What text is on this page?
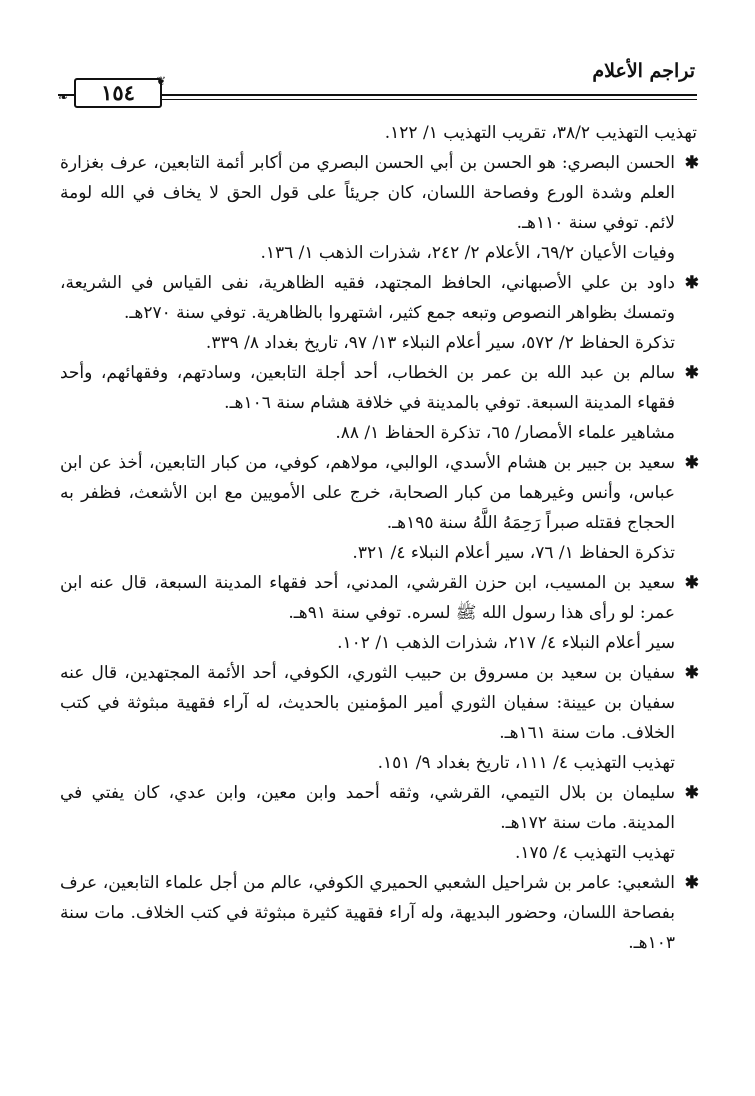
تراجم الأعلام
١٥٤
❧
❦
تهذيب التهذيب ٣٨/٢، تقريب التهذيب ١/ ١٢٢.
✱
الحسن البصري: هو الحسن بن أبي الحسن البصري من أكابر أئمة التابعين، عرف بغزارة العلم وشدة الورع وفصاحة اللسان، كان جريئاً على قول الحق لا يخاف في الله لومة لائم. توفي سنة ١١٠هـ.
وفيات الأعيان ٦٩/٢، الأعلام ٢/ ٢٤٢، شذرات الذهب ١/ ١٣٦.
✱
داود بن علي الأصبهاني، الحافظ المجتهد، فقيه الظاهرية، نفى القياس في الشريعة، وتمسك بظواهر النصوص وتبعه جمع كثير، اشتهروا بالظاهرية. توفي سنة ٢٧٠هـ.
تذكرة الحفاظ ٢/ ٥٧٢، سير أعلام النبلاء ١٣/ ٩٧، تاريخ بغداد ٨/ ٣٣٩.
✱
سالم بن عبد الله بن عمر بن الخطاب، أحد أجلة التابعين، وسادتهم، وفقهائهم، وأحد فقهاء المدينة السبعة. توفي بالمدينة في خلافة هشام سنة ١٠٦هـ.
مشاهير علماء الأمصار/ ٦٥، تذكرة الحفاظ ١/ ٨٨.
✱
سعيد بن جبير بن هشام الأسدي، الوالبي، مولاهم، كوفي، من كبار التابعين، أخذ عن ابن عباس، وأنس وغيرهما من كبار الصحابة، خرج على الأمويين مع ابن الأشعث، فظفر به الحجاج فقتله صبراً رَحِمَهُ اللَّهُ سنة ١٩٥هـ.
تذكرة الحفاظ ١/ ٧٦، سير أعلام النبلاء ٤/ ٣٢١.
✱
سعيد بن المسيب، ابن حزن القرشي، المدني، أحد فقهاء المدينة السبعة، قال عنه ابن عمر: لو رأى هذا رسول الله ﷺ لسره. توفي سنة ٩١هـ.
سير أعلام النبلاء ٤/ ٢١٧، شذرات الذهب ١/ ١٠٢.
✱
سفيان بن سعيد بن مسروق بن حبيب الثوري، الكوفي، أحد الأئمة المجتهدين، قال عنه سفيان بن عيينة: سفيان الثوري أمير المؤمنين بالحديث، له آراء فقهية مبثوثة في كتب الخلاف. مات سنة ١٦١هـ.
تهذيب التهذيب ٤/ ١١١، تاريخ بغداد ٩/ ١٥١.
✱
سليمان بن بلال التيمي، القرشي، وثقه أحمد وابن معين، وابن عدي، كان يفتي في المدينة. مات سنة ١٧٢هـ.
تهذيب التهذيب ٤/ ١٧٥.
✱
الشعبي: عامر بن شراحيل الشعبي الحميري الكوفي، عالم من أجل علماء التابعين، عرف بفصاحة اللسان، وحضور البديهة، وله آراء فقهية كثيرة مبثوثة في كتب الخلاف. مات سنة ١٠٣هـ.
